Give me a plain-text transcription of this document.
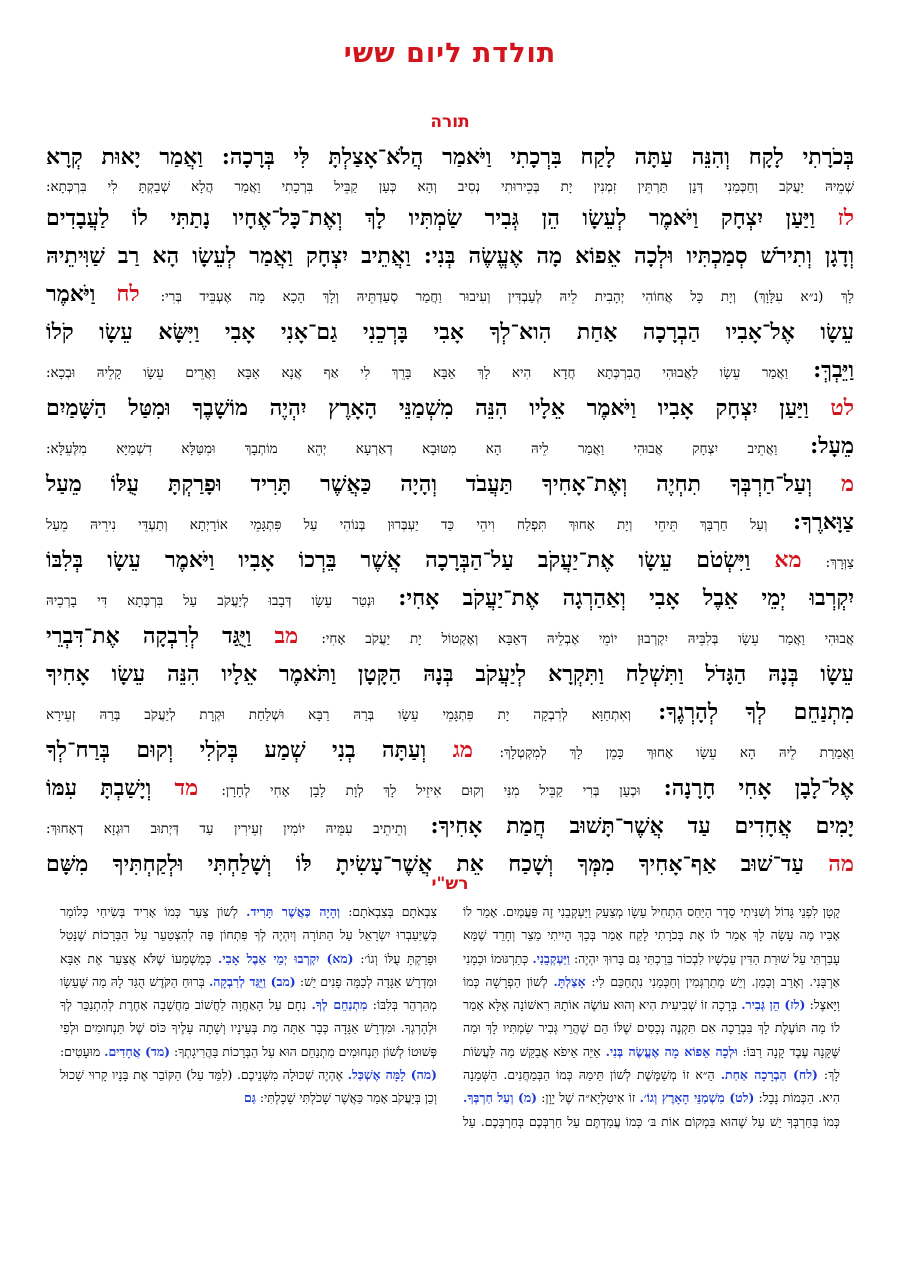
תולדת ליום ששי
תורה
בְּכֹרָתִי לָקָח וְהִנֵּה עַתָּה לָקַח בִּרְכָתִי וַיֹּאמַר הֲלֹא־אָצַלְתָּ לִּי בְּרָכָה: וַאֲמַר יָאוּת קְרָא
שְׁמֵיהּ יַעֲקֹב וְחַכְּמַנִי דְּנָן תַּרְתֵּין זִמְנִין יָת בְּכֵירוּתִי נְסִיב וְהָא כְּעַן קַבֵּיל בִּרְכָתִי וַאֲמַר הֲלָא שְׁבַקְתָּ לִי בִּרְכְּתָא:
לז וַיַּעַן יִצְחָק וַיֹּאמֶר לְעֵשָׂו הֵן גְּבִיר שַׂמְתִּיו לָךְ וְאֶת־כָּל־אֶחָיו נָתַתִּי לוֹ לַעֲבָדִים
וְדָגָן וְתִירֹשׁ סְמַכְתִּיו וּלְכָה אֵפוֹא מָה אֶעֱשֶׂה בְּנִי: וַאֲתֵיב יִצְחָק וַאֲמַר לְעֵשָׂו הָא רַב שַׁוִּיתֵיהּ
לָךְ (נ״א עִלָּוָךְ) וְיָת כָּל אֲחוֹהִי יְהָבִית לֵיהּ לְעַבְדִּין וְעִיבוּר וַחֲמַר סְעַדְתֵּיהּ וְלָךְ הָכָא מָה אֶעְבֵּיד בְּרִי: לח וַיֹּאמֶר
עֵשָׂו אֶל־אָבִיו הַבְרָכָה אַחַת הִוא־לְךָ אָבִי בָּרְכֵנִי גַם־אָנִי אָבִי וַיִּשָּׂא עֵשָׂו קֹלוֹ
וַיֵּבְךְּ: וַאֲמַר עֵשָׂו לַאֲבוּהִי הֲבִרְכְּתָא חֲדָא הִיא לָךְ אַבָּא בָּרֵךְ לִי אַף אֲנָא אַבָּא וַאֲרֵים עֵשָׂו קָלֵיהּ וּבְכָא:
לט וַיַּעַן יִצְחָק אָבִיו וַיֹּאמֶר אֵלָיו הִנֵּה מִשְׁמַנֵּי הָאָרֶץ יִהְיֶה מוֹשָׁבֶךָ וּמִטַּל הַשָּׁמַיִם
מֵעָל: וַאֲתֵיב יִצְחָק אֲבוּהִי וַאֲמַר לֵיהּ הָא מִטּוּבָא דְאַרְעָא יְהֵא מוֹתְבָךְ וּמִטַּלָּא דִשְׁמַיָּא מִלְּעֵלָּא:
מ וְעַל־חַרְבְּךָ תִחְיֶה וְאֶת־אָחִיךָ תַּעֲבֹד וְהָיָה כַּאֲשֶׁר תָּרִיד וּפָרַקְתָּ עֻלּוֹ מֵעַל
צַוָּארֶךָ: וְעַל חַרְבָּךְ תֵּיחֵי וְיָת אָחוּךְ תִּפְלַח וִיהֵי כַּד יַעְבְּרוּן בְּנוֹהִי עַל פִּתְגָּמֵי אוֹרָיְתָא וְתַעְדֵּי נִירֵיהּ מֵעַל
צַוְּרָךְ: מא וַיִּשְׂטֹם עֵשָׂו אֶת־יַעֲקֹב עַל־הַבְּרָכָה אֲשֶׁר בֵּרְכוֹ אָבִיו וַיֹּאמֶר עֵשָׂו בְּלִבּוֹ
יִקְרְבוּ יְמֵי אֵבֶל אָבִי וְאַהַרְגָה אֶת־יַעֲקֹב אָחִי: וּנְטַר עֵשָׂו דְּבָבוּ לְיַעֲקֹב עַל בִּרְכְּתָא דִּי בָרְכֵיהּ
אֲבוּהִי וַאֲמַר עֵשָׂו בְּלִבֵּיהּ יִקְרְבוּן יוֹמֵי אֶבְלֵיהּ דְּאַבָּא וְאֶקְטוֹל יָת יַעֲקֹב אָחִי: מב וַיֻּגַּד לְרִבְקָה אֶת־דִּבְרֵי
עֵשָׂו בְּנָהּ הַגָּדֹל וַתִּשְׁלַח וַתִּקְרָא לְיַעֲקֹב בְּנָהּ הַקָּטָן וַתֹּאמֶר אֵלָיו הִנֵּה עֵשָׂו אָחִיךָ
מִתְנַחֵם לְךָ לְהָרְגֶךָ: וְאִתְחַוָּא לְרִבְקָה יָת פִּתְגָּמֵי עֵשָׂו בְּרַהּ רַבָּא וּשְׁלַחַת וּקְרָת לְיַעֲקֹב בְּרַהּ זְעֵירָא
וַאֲמַרַת לֵיהּ הָא עֵשָׂו אָחוּךְ כָּמֵן לָךְ לְמִקְטְלָךְ: מג וְעַתָּה בְנִי שְׁמַע בְּקֹלִי וְקוּם בְּרַח־לְךָ
אֶל־לָבָן אָחִי חָרָנָה: וּכְעַן בְּרִי קַבֵּיל מִנִּי וְקוּם אִיזֵיל לָךְ לְוָת לָבָן אָחִי לְחָרָן: מד וְיָשַׁבְתָּ עִמּוֹ
יָמִים אֲחָדִים עַד אֲשֶׁר־תָּשׁוּב חֲמַת אָחִיךָ: וְתֵיתֵיב עִמֵּיהּ יוֹמִין זְעֵירִין עַד דְּיְתוּב רוּגְזָא דְאָחוּךְ:
מה עַד־שׁוּב אַף־אָחִיךָ מִמְּךָ וְשָׁכַח אֵת אֲשֶׁר־עָשִׂיתָ לּוֹ וְשָׁלַחְתִּי וּלְקַחְתִּיךָ מִשָּׁם
רש"י

קָטָן לִפְנֵי גָּדוֹל וְשִׁנִּיתִי סֵדֶר הַיַּחַס הִתְחִיל עֵשָׂו מְצַעֵק וַיַּעְקְבֵנִי זֶה פַּעֲמַיִם. אָמַר לוֹ אָבִיו מֶה עָשָׂה לָךְ אָמַר לוֹ אֶת בְּכֹרָתִי לָקַח אָמַר בְּכָךְ הָיִיתִי מֵצֵר וְחָרֵד שֶׁמָּא עָבַרְתִּי עַל שׁוּרַת הַדִּין עַכְשָׁיו לִבְכוֹר בֵּרַכְתִּי גַּם בָּרוּךְ יִהְיֶה: וַיַּעְקְבֵנִי. כְּתַרְגּוּמוֹ וּכְמָנִי אַרְבָּנִי. וְאָרַב וְכָמַן. וְיֵשׁ מְתַרְגְּמִין וְחַכְּמַנִי נִתְחַכֵּם לִי: אָצַלְתָּ. לְשׁוֹן הַפְרָשָׁה כְּמוֹ וַיָּאצֶל: (לז) הֵן גְּבִיר. בְּרָכָה זוֹ שְׁבִיעִית הִיא וְהוּא עוֹשֶׂה אוֹתָהּ רִאשׁוֹנָה אֶלָּא אָמַר לוֹ מַה תּוֹעֶלֶת לָךְ בִּבְרָכָה אִם תִּקְנֶה נְכָסִים שֶׁלּוֹ הֵם שֶׁהֲרֵי גְּבִיר שַׂמְתִּיו לָךְ וּמַה שֶּׁקָּנָה עֶבֶד קָנָה רַבּוֹ: וּלְכָה אֵפוֹא מָה אֶעֱשֶׂה בְּנִי. אַיֵּה אֵיפֹא אֲבַקֵּשׁ מַה לַּעֲשׂוֹת לָךְ: (לח) הַבְרָכָה אַחַת. הֵ״א זוֹ מְשַׁמֶּשֶׁת לְשׁוֹן תֵּימַהּ כְּמוֹ הַבְּמַחֲנִים. הַשְּׁמֵנָה הִיא. הַכְּמוֹת נָבָל: (לט) מִשְׁמַנֵּי הָאָרֶץ וְגוֹ׳. זוֹ אִיטַלְיָא״ה שֶׁל יָוָן: (מ) וְעַל חַרְבְּךָ. כְּמוֹ בְּחַרְבְּךָ יֵשׁ עַל שֶׁהוּא בִּמְקוֹם אוֹת בּ׳ כְּמוֹ עֲמַדְתֶּם עַל חַרְבְּכֶם בְּחַרְבְּכֶם. עַל צִבְאֹתָם בְּצִבְאֹתָם: וְהָיָה כַּאֲשֶׁר תָּרִיד. לְשׁוֹן צַעַר כְּמוֹ אָרִיד בְּשִׂיחִי כְּלוֹמַר כְּשֶׁיַּעַבְרוּ יִשְׂרָאֵל עַל הַתּוֹרָה וְיִהְיֶה לְךָ פִּתְחוֹן פֶּה לְהִצְטַעֵר עַל הַבְּרָכוֹת שֶׁנָּטַל וּפָרַקְתָּ עֻלּוֹ וְגוֹ׳: (מא) יִקְרְבוּ יְמֵי אֵבֶל אָבִי. כְּמַשְׁמָעוֹ שֶׁלֹּא אֲצַעֵר אֶת אַבָּא וּמִדְרָשׁ אַגָּדָה לְכַמָּה פָנִים יֵשׁ: (מב) וַיֻּגַּד לְרִבְקָה. בְּרוּחַ הַקֹּדֶשׁ הֻגַּד לָהּ מַה שֶּׁעֵשָׂו מְהַרְהֵר בְּלִבּוֹ: מִתְנַחֵם לְךָ. נִחָם עַל הָאַחֲוָה לַחֲשׁוֹב מַחֲשָׁבָה אַחֶרֶת לְהִתְנַכֵּר לְךָ וּלְהָרְגְךָ. וּמִדְרָשׁ אַגָּדָה כְּבָר אַתָּה מֵת בְּעֵינָיו וְשָׁתָה עָלֶיךָ כּוֹס שֶׁל תַּנְחוּמִים וּלְפִי פְּשׁוּטוֹ לְשׁוֹן תַּנְחוּמִים מִתְנַחֵם הוּא עַל הַבְּרָכוֹת בַּהֲרִיגָתְךָ: (מד) אֲחָדִים. מוּעָטִים: (מה) לָמָּה אֶשְׁכַּל. אֶהְיֶה שְׁכוּלָה מִשְּׁנֵיכֶם. (לִמֵּד עַל) הַקּוֹבֵר אֶת בָּנָיו קָרוּי שָׁכוּל וְכֵן בְּיַעֲקֹב אָמַר כַּאֲשֶׁר שָׁכֹלְתִּי שָׁכָלְתִּי: גַּם
